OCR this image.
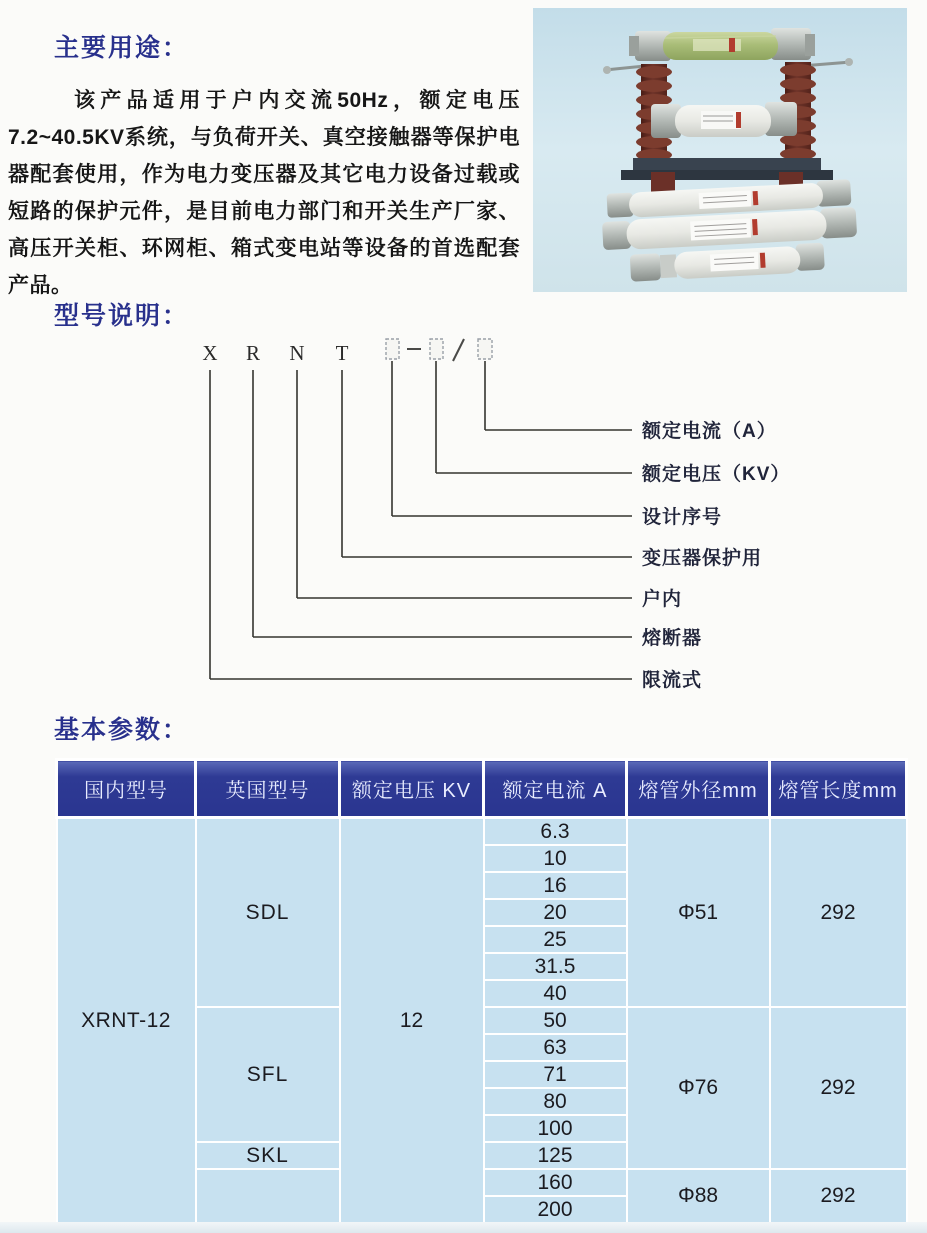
主要用途：
该产品适用于户内交流50Hz，额定电压7.2~40.5KV系统，与负荷开关、真空接触器等保护电器配套使用，作为电力变压器及其它电力设备过载或短路的保护元件，是目前电力部门和开关生产厂家、高压开关柜、环网柜、箱式变电站等设备的首选配套产品。
型号说明：
X R N T
额定电流（A）
额定电压（KV）
设计序号
变压器保护用
户内
熔断器
限流式
基本参数：
国内型号	英国型号	额定电压 KV	额定电流 A	熔管外径mm	熔管长度mm
XRNT-12	SDL	12	6.3	Φ51	292
			10		
			16		
			20		
			25		
			31.5		
			40		
	SFL		50	Φ76	292
			63		
			71		
			80		
			100		
	SKL		125		
			160	Φ88	292
			200		
